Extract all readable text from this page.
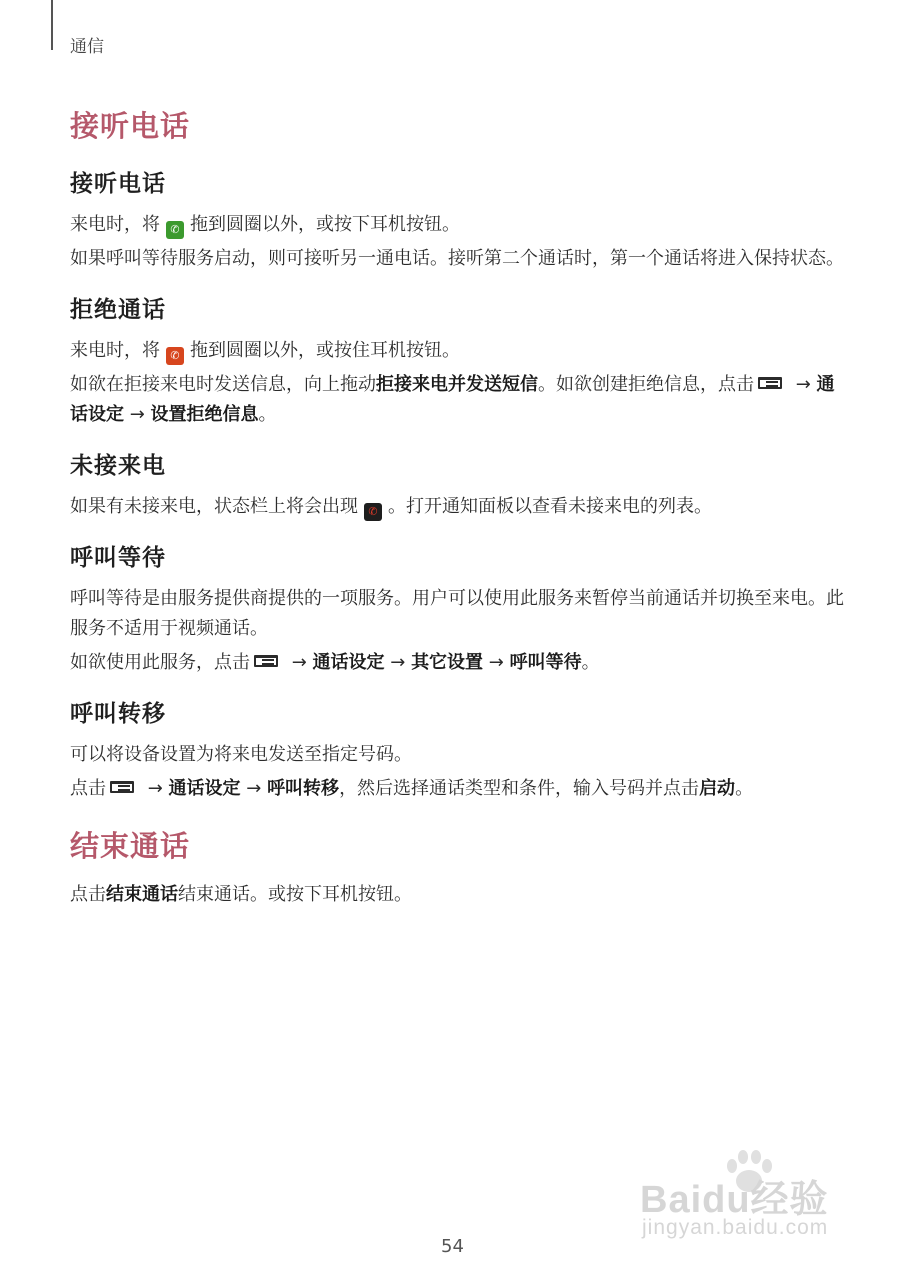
通信
接听电话
接听电话

来电时，将 ✆ 拖到圆圈以外，或按下耳机按钮。

如果呼叫等待服务启动，则可接听另一通电话。接听第二个通话时，第一个通话将进入保持状态。

拒绝通话

来电时，将 ✆ 拖到圆圈以外，或按住耳机按钮。

如欲在拒接来电时发送信息，向上拖动拒接来电并发送短信。如欲创建拒绝信息，点击
→ 通话设定 → 设置拒绝信息。

未接来电

如果有未接来电，状态栏上将会出现 ✆ 。打开通知面板以查看未接来电的列表。

呼叫等待

呼叫等待是由服务提供商提供的一项服务。用户可以使用此服务来暂停当前通话并切换至来电。此服务不适用于视频通话。

如欲使用此服务，点击
→ 通话设定 → 其它设置 → 呼叫等待。

呼叫转移

可以将设备设置为将来电发送至指定号码。

点击
→ 通话设定 → 呼叫转移，然后选择通话类型和条件，输入号码并点击启动。

结束通话

点击结束通话结束通话。或按下耳机按钮。

Baidu经验
jingyan.baidu.com
54
